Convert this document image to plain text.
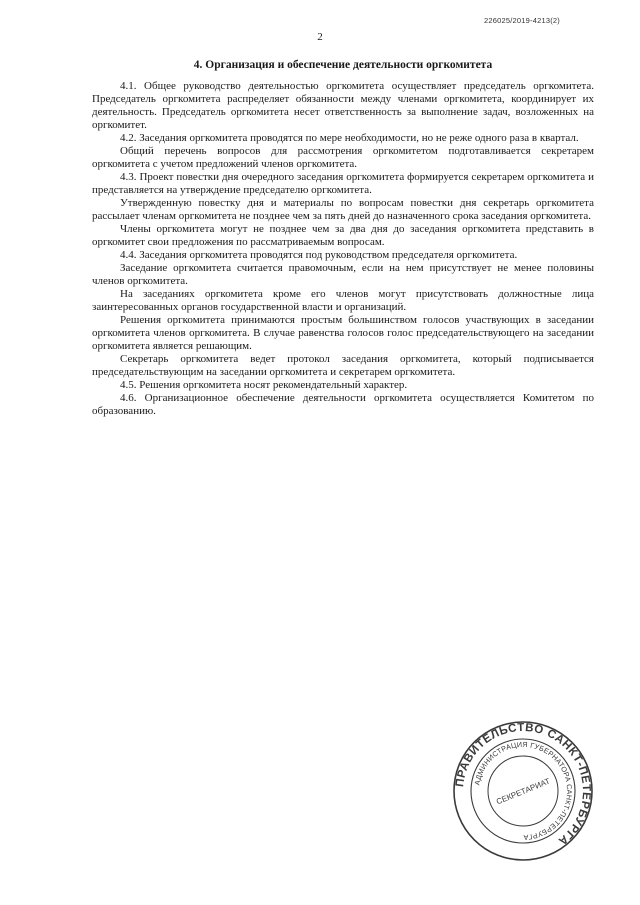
226025/2019-4213(2)
2
4. Организация и обеспечение деятельности оргкомитета

4.1. Общее руководство деятельностью оргкомитета осуществляет председатель оргкомитета. Председатель оргкомитета распределяет обязанности между членами оргкомитета, координирует их деятельность. Председатель оргкомитета несет ответственность за выполнение задач, возложенных на оргкомитет.

4.2. Заседания оргкомитета проводятся по мере необходимости, но не реже одного раза в квартал.

Общий перечень вопросов для рассмотрения оргкомитетом подготавливается секретарем оргкомитета с учетом предложений членов оргкомитета.

4.3. Проект повестки дня очередного заседания оргкомитета формируется секретарем оргкомитета и представляется на утверждение председателю оргкомитета.

Утвержденную повестку дня и материалы по вопросам повестки дня секретарь оргкомитета рассылает членам оргкомитета не позднее чем за пять дней до назначенного срока заседания оргкомитета.

Члены оргкомитета могут не позднее чем за два дня до заседания оргкомитета представить в оргкомитет свои предложения по рассматриваемым вопросам.

4.4. Заседания оргкомитета проводятся под руководством председателя оргкомитета.

Заседание оргкомитета считается правомочным, если на нем присутствует не менее половины членов оргкомитета.

На заседаниях оргкомитета кроме его членов могут присутствовать должностные лица заинтересованных органов государственной власти и организаций.

Решения оргкомитета принимаются простым большинством голосов участвующих в заседании оргкомитета членов оргкомитета. В случае равенства голосов голос председательствующего на заседании оргкомитета является решающим.

Секретарь оргкомитета ведет протокол заседания оргкомитета, который подписывается председательствующим на заседании оргкомитета и секретарем оргкомитета.

4.5. Решения оргкомитета носят рекомендательный характер.

4.6. Организационное обеспечение деятельности оргкомитета осуществляется Комитетом по образованию.

ПРАВИТЕЛЬСТВО САНКТ-ПЕТЕРБУРГА
АДМИНИСТРАЦИЯ ГУБЕРНАТОРА САНКТ-ПЕТЕРБУРГА
СЕКРЕТАРИАТ
